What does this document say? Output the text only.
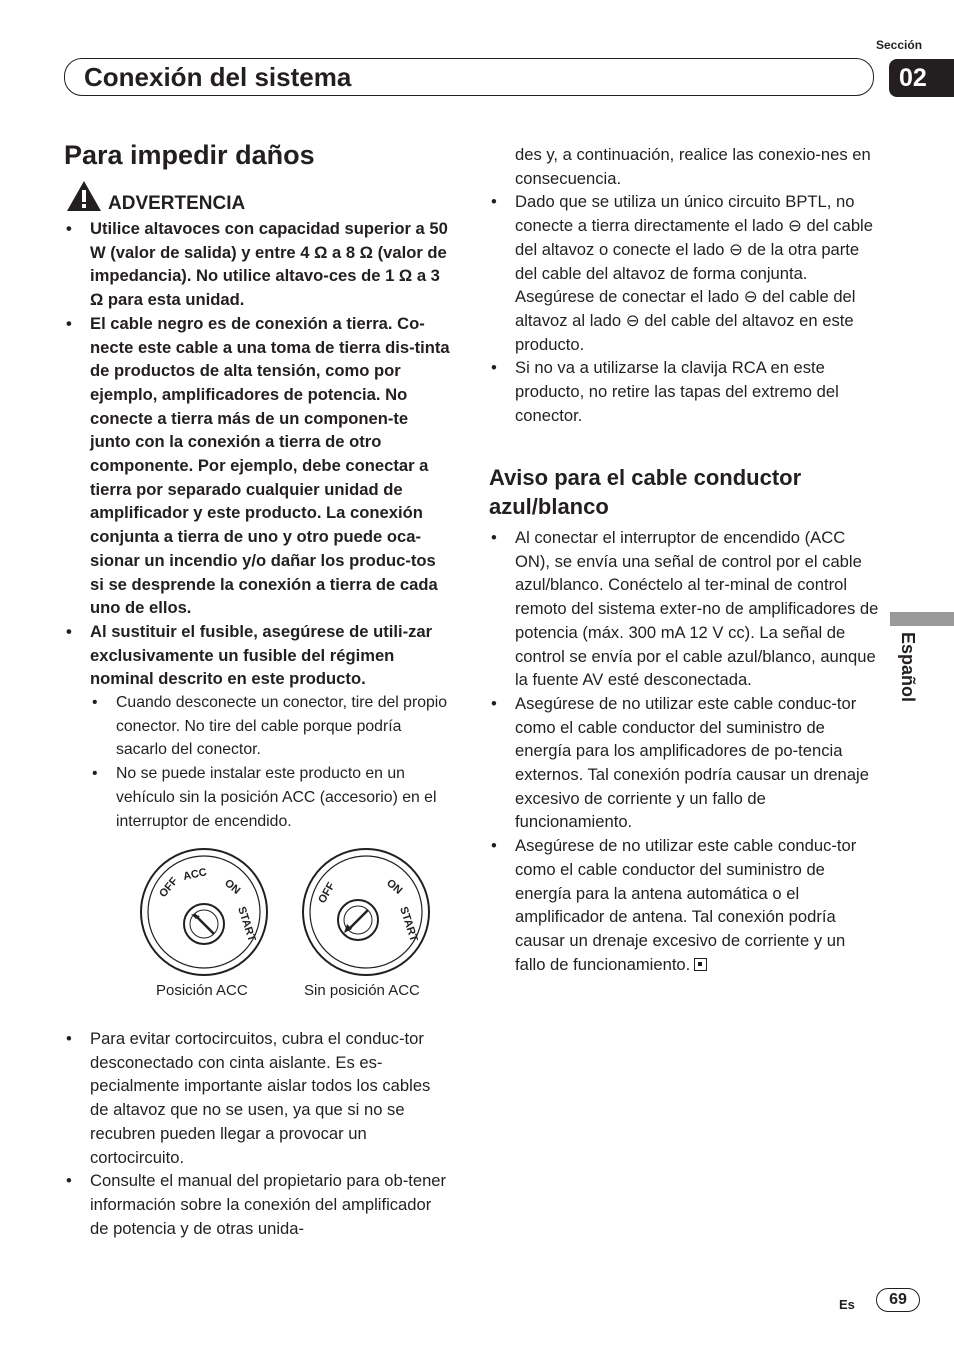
Sección
02
Conexión del sistema
Español
Para impedir daños
ADVERTENCIA
• Utilice altavoces con capacidad superior a 50 W (valor de salida) y entre 4 Ω a 8 Ω (valor de impedancia). No utilice altavo-ces de 1 Ω a 3 Ω para esta unidad.
• El cable negro es de conexión a tierra. Co-necte este cable a una toma de tierra dis-tinta de productos de alta tensión, como por ejemplo, amplificadores de potencia. No conecte a tierra más de un componen-te junto con la conexión a tierra de otro componente. Por ejemplo, debe conectar a tierra por separado cualquier unidad de amplificador y este producto. La conexión conjunta a tierra de uno y otro puede oca-sionar un incendio y/o dañar los produc-tos si se desprende la conexión a tierra de cada uno de ellos.
• Al sustituir el fusible, asegúrese de utili-zar exclusivamente un fusible del régimen nominal descrito en este producto.
• Cuando desconecte un conector, tire del propio conector. No tire del cable porque podría sacarlo del conector.
• No se puede instalar este producto en un vehículo sin la posición ACC (accesorio) en el interruptor de encendido.
OFF
ACC
ON
START
OFF	ON
START
Posición ACC	Sin posición ACC
• Para evitar cortocircuitos, cubra el conduc-tor desconectado con cinta aislante. Es es-pecialmente importante aislar todos los cables de altavoz que no se usen, ya que si no se recubren pueden llegar a provocar un cortocircuito.
• Consulte el manual del propietario para ob-tener información sobre la conexión del amplificador de potencia y de otras unida-
des y, a continuación, realice las conexio-nes en consecuencia.
• Dado que se utiliza un único circuito BPTL, no conecte a tierra directamente el lado ⊖ del cable del altavoz o conecte el lado ⊖ de la otra parte del cable del altavoz de forma conjunta. Asegúrese de conectar el lado ⊖ del cable del altavoz al lado ⊖ del cable del altavoz en este producto.
• Si no va a utilizarse la clavija RCA en este producto, no retire las tapas del extremo del conector.
Aviso para el cable conductor azul/blanco
• Al conectar el interruptor de encendido (ACC ON), se envía una señal de control por el cable azul/blanco. Conéctelo al ter-minal de control remoto del sistema exter-no de amplificadores de potencia (máx. 300 mA 12 V cc). La señal de control se envía por el cable azul/blanco, aunque la fuente AV esté desconectada.
• Asegúrese de no utilizar este cable conduc-tor como el cable conductor del suministro de energía para los amplificadores de po-tencia externos. Tal conexión podría causar un drenaje excesivo de corriente y un fallo de funcionamiento.
• Asegúrese de no utilizar este cable conduc-tor como el cable conductor del suministro de energía para la antena automática o el amplificador de antena. Tal conexión podría causar un drenaje excesivo de corriente y un fallo de funcionamiento.
Es	69
